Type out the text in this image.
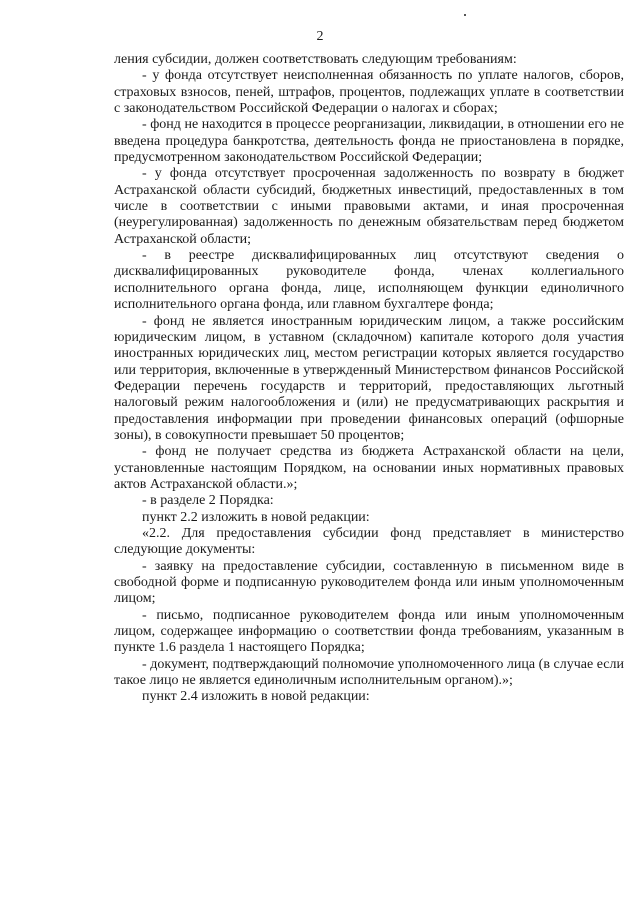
2

ления субсидии, должен соответствовать следующим требованиям:

- у фонда отсутствует неисполненная обязанность по уплате налогов, сборов, страховых взносов, пеней, штрафов, процентов, подлежащих уплате в соответствии с законодательством Российской Федерации о налогах и сборах;

- фонд не находится в процессе реорганизации, ликвидации, в отношении его не введена процедура банкротства, деятельность фонда не приостановлена в порядке, предусмотренном законодательством Российской Федерации;

- у фонда отсутствует просроченная задолженность по возврату в бюджет Астраханской области субсидий, бюджетных инвестиций, предоставленных в том числе в соответствии с иными правовыми актами, и иная просроченная (неурегулированная) задолженность по денежным обязательствам перед бюджетом Астраханской области;

- в реестре дисквалифицированных лиц отсутствуют сведения о дисквалифицированных руководителе фонда, членах коллегиального исполнительного органа фонда, лице, исполняющем функции единоличного исполнительного органа фонда, или главном бухгалтере фонда;

- фонд не является иностранным юридическим лицом, а также российским юридическим лицом, в уставном (складочном) капитале которого доля участия иностранных юридических лиц, местом регистрации которых является государство или территория, включенные в утвержденный Министерством финансов Российской Федерации перечень государств и территорий, предоставляющих льготный налоговый режим налогообложения и (или) не предусматривающих раскрытия и предоставления информации при проведении финансовых операций (офшорные зоны), в совокупности превышает 50 процентов;

- фонд не получает средства из бюджета Астраханской области на цели, установленные настоящим Порядком, на основании иных нормативных правовых актов Астраханской области.»;

- в разделе 2 Порядка:

пункт 2.2 изложить в новой редакции:

«2.2. Для предоставления субсидии фонд представляет в министерство следующие документы:

- заявку на предоставление субсидии, составленную в письменном виде в свободной форме и подписанную руководителем фонда или иным уполномоченным лицом;

- письмо, подписанное руководителем фонда или иным уполномоченным лицом, содержащее информацию о соответствии фонда требованиям, указанным в пункте 1.6 раздела 1 настоящего Порядка;

- документ, подтверждающий полномочие уполномоченного лица (в случае если такое лицо не является единоличным исполнительным органом).»;

пункт 2.4 изложить в новой редакции:
